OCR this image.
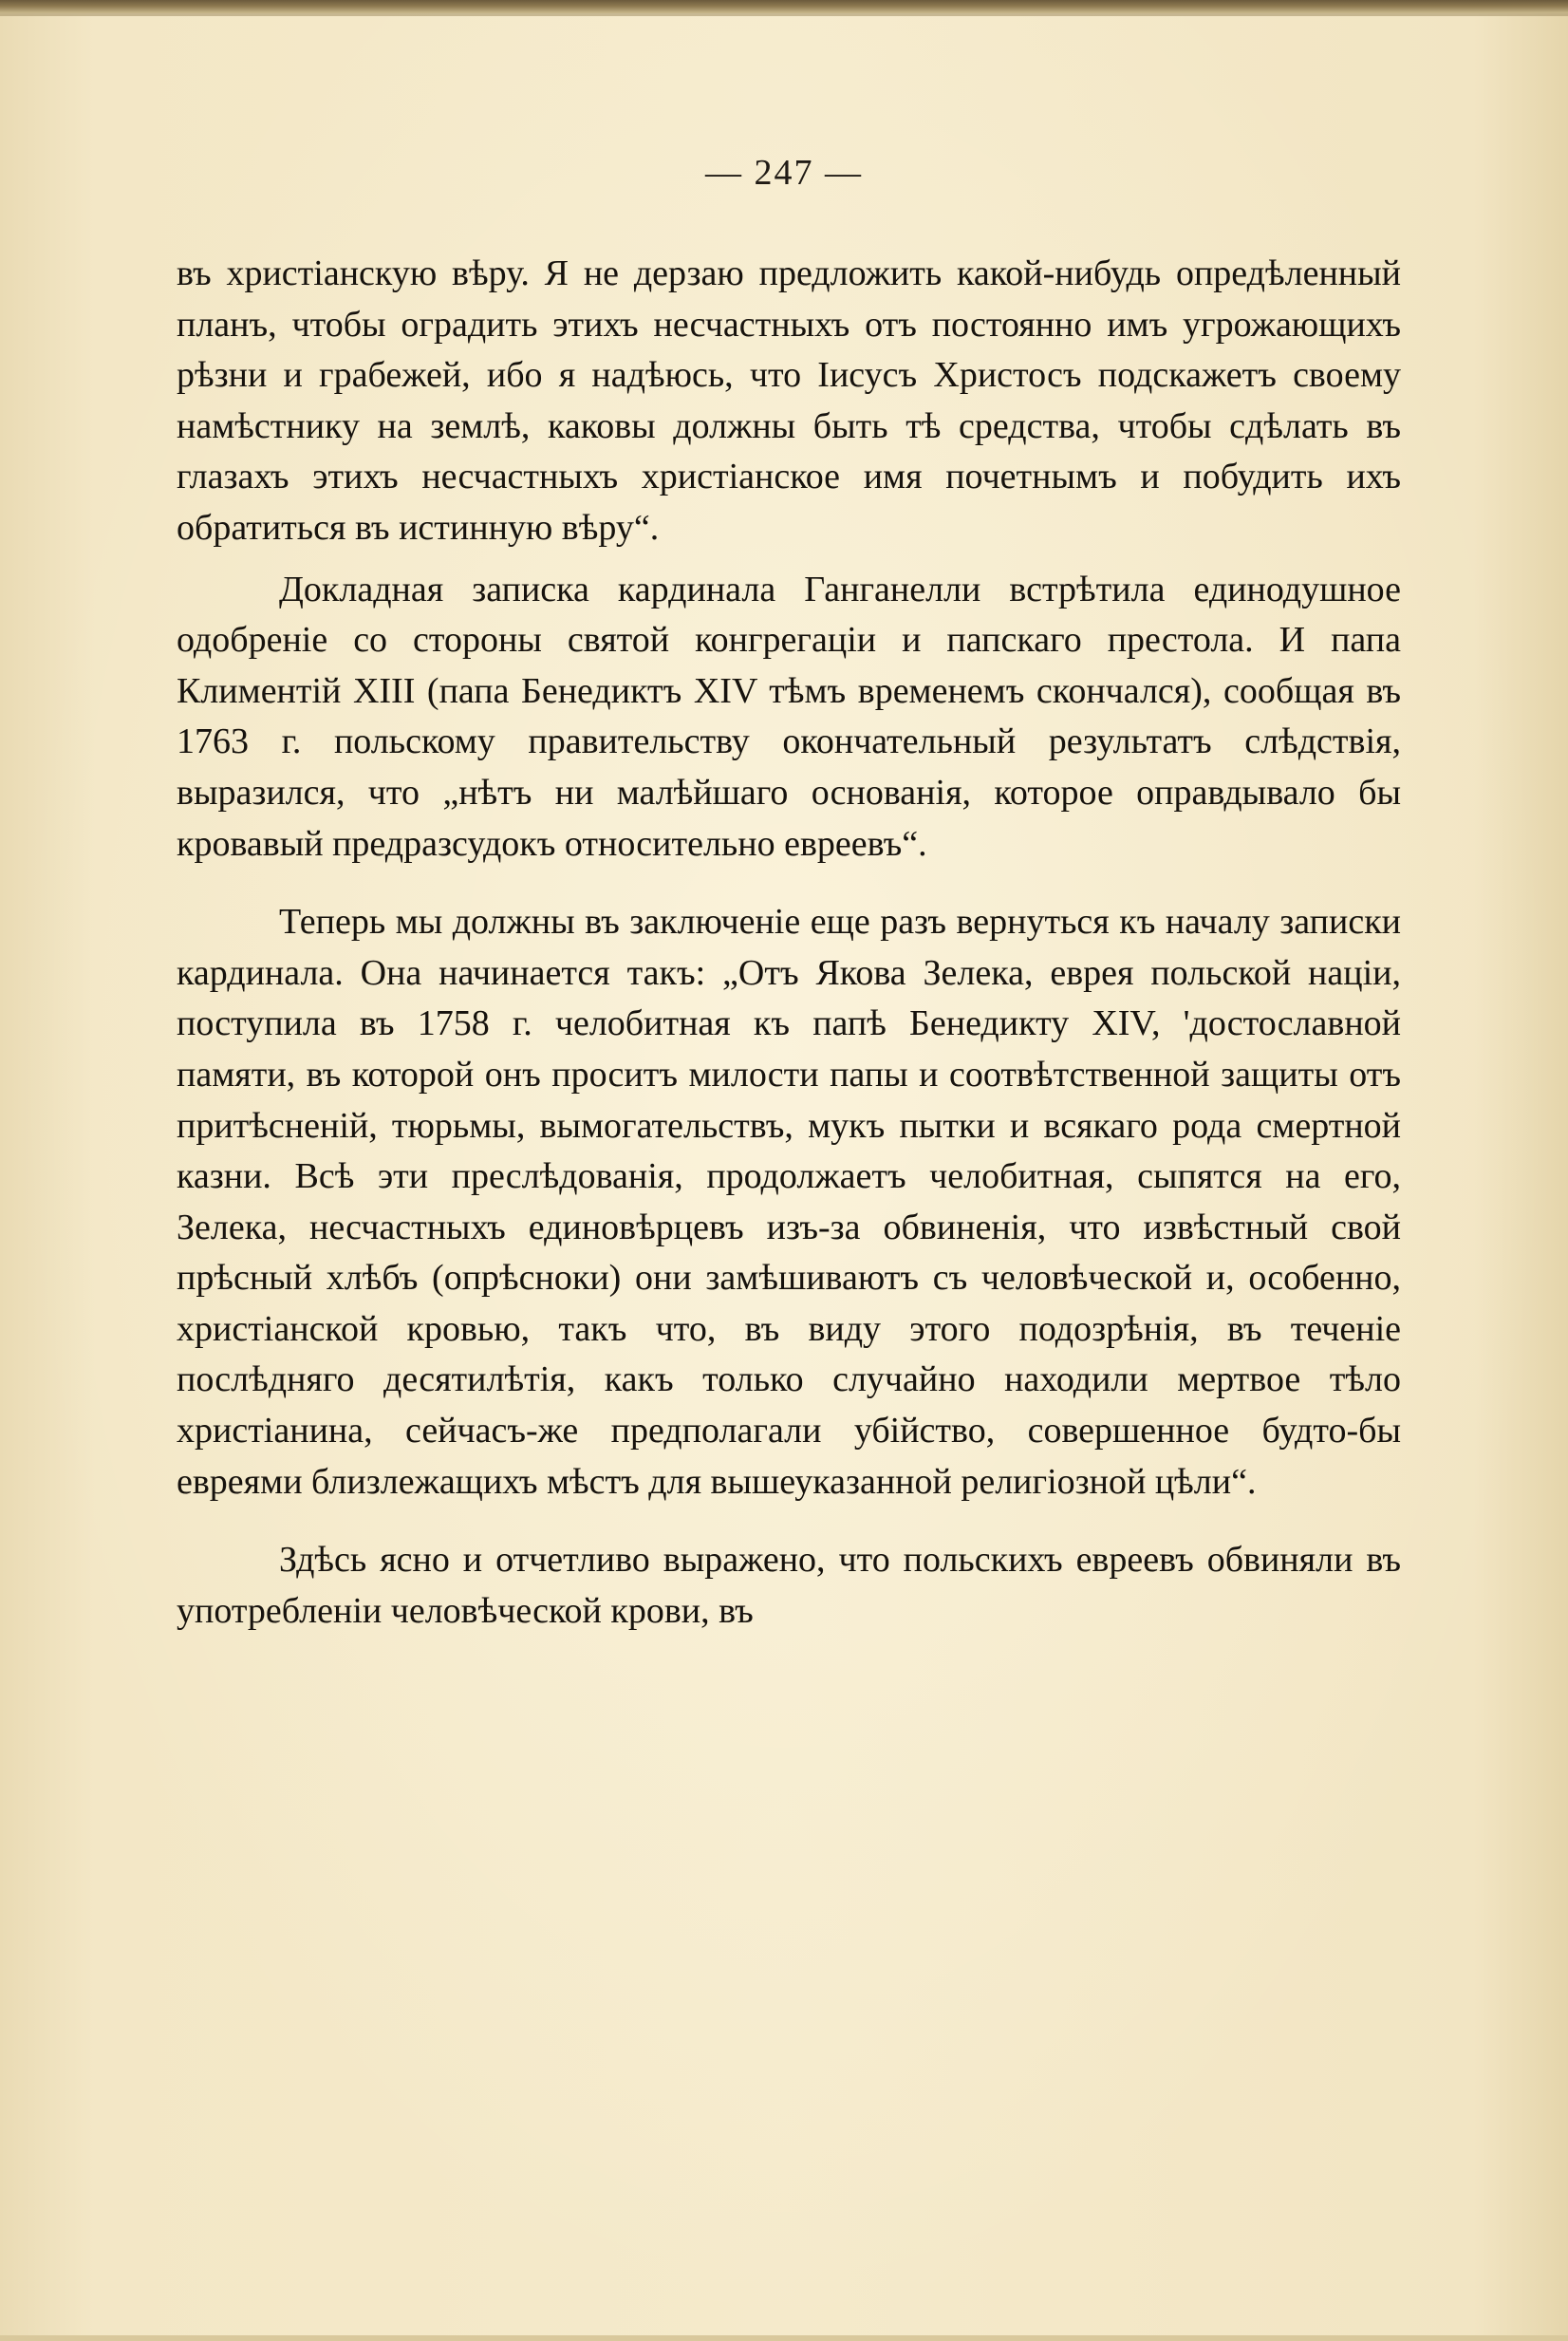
— 247 —

въ христіанскую вѣру. Я не дерзаю предложить какой-нибудь опредѣленный планъ, чтобы оградить этихъ несчастныхъ отъ постоянно имъ угрожающихъ рѣзни и грабежей, ибо я надѣюсь, что Іисусъ Христосъ подскажетъ своему намѣстнику на землѣ, каковы должны быть тѣ средства, чтобы сдѣлать въ глазахъ этихъ несчастныхъ христіанское имя почетнымъ и побудить ихъ обратиться въ истинную вѣру“.

Докладная записка кардинала Ганганелли встрѣтила единодушное одобреніе со стороны святой конгрегаціи и папскаго престола. И папа Климентій XIII (папа Бенедиктъ XIV тѣмъ временемъ скончался), сообщая въ 1763 г. польскому правительству окончательный результатъ слѣдствія, выразился, что „нѣтъ ни малѣйшаго основанія, которое оправдывало бы кровавый предразсудокъ относительно евреевъ“.

Теперь мы должны въ заключеніе еще разъ вернуться къ началу записки кардинала. Она начинается такъ: „Отъ Якова Зелека, еврея польской націи, поступила въ 1758 г. челобитная къ папѣ Бенедикту XIV, 'достославной памяти, въ которой онъ проситъ милости папы и соотвѣтственной защиты отъ притѣсненій, тюрьмы, вымогательствъ, мукъ пытки и всякаго рода смертной казни. Всѣ эти преслѣдованія, продолжаетъ челобитная, сыпятся на его, Зелека, несчастныхъ единовѣрцевъ изъ-за обвиненія, что извѣстный свой прѣсный хлѣбъ (опрѣсноки) они замѣшиваютъ съ человѣческой и, особенно, христіанской кровью, такъ что, въ виду этого подозрѣнія, въ теченіе послѣдняго десятилѣтія, какъ только случайно находили мертвое тѣло христіанина, сейчасъ-же предполагали убійство, совершенное будто-бы евреями близлежащихъ мѣстъ для вышеуказанной религіозной цѣли“.

Здѣсь ясно и отчетливо выражено, что польскихъ евреевъ обвиняли въ употребленіи человѣческой крови, въ
